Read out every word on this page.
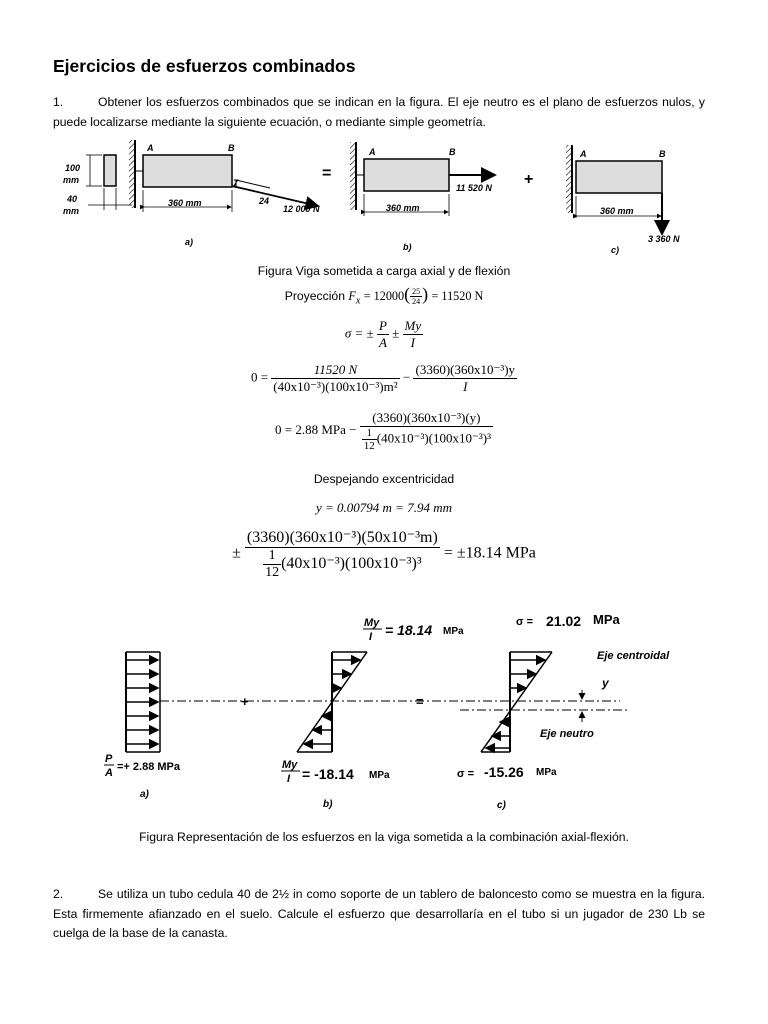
Ejercicios de esfuerzos combinados
1.	Obtener los esfuerzos combinados que se indican en la figura. El eje neutro es el plano de esfuerzos nulos, y puede localizarse mediante la siguiente ecuación, o mediante simple geometría.
100
mm
40
mm
A	B
7
24
360 mm
12 000 N
a)
=
A	B
11 520 N
360 mm
b)
+
A	B
360 mm
3 360 N
c)
Figura Viga sometida a carga axial y de flexión
Proyección $F_x = 12000( \frac{25}{24}$ ) = 11520 N
σ = ± $\frac{P}{A} \pm \frac{My}{I}$
$0 = \frac{11520 N}{\text{(40x10⁻³)(100x10⁻³)m²}} - \frac{\text{(3360)(360x10⁻³)y}}{I}$
0 = 2.88 MPa − $\frac{\text{(3360)(360x10⁻³)(y)}}{\frac{1}{12} (40x10^{-3})(100x10^{-3})^3}$
Despejando excentricidad
y = 0.00794 m = 7.94 mm
± $\frac{\text{(3360)(360x10⁻³)(50x10⁻³m)}}{\frac{1}{12} (40x10^{-3})(100x10^{-3})^3} = \pm 18.14$ MPa
P
A =+ 2.88 MPa
a)
+
My
I = 18.14 MPa
My
I = -18.14 MPa
b)
=
σ = 21.02 MPa
Eje centroidal
y
Eje neutro
σ = -15.26 MPa
c)
Figura Representación de los esfuerzos en la viga sometida a la combinación axial-flexión.
2.	Se utiliza un tubo cedula 40 de 2½ in como soporte de un tablero de baloncesto como se muestra en la figura. Esta firmemente afianzado en el suelo. Calcule el esfuerzo que desarrollaría en el tubo si un jugador de 230 Lb se cuelga de la base de la canasta.
